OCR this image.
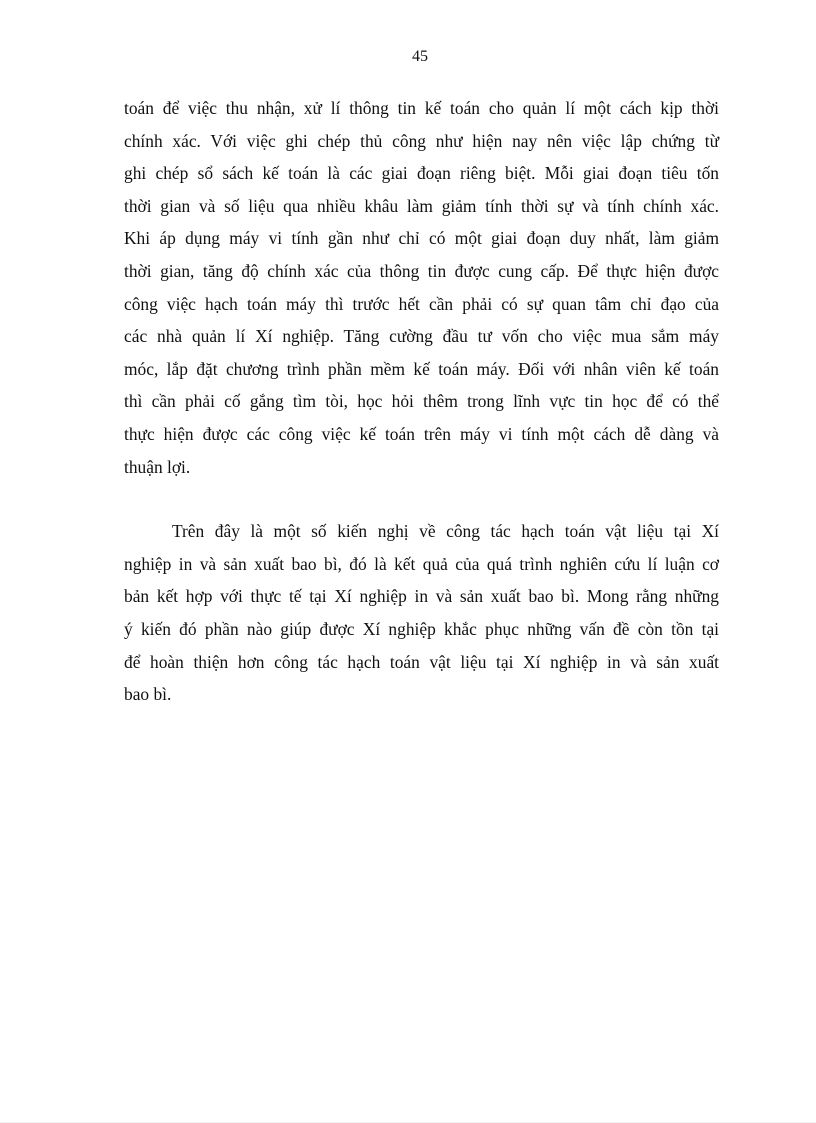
45

toán để việc thu nhận, xử lí thông tin kế toán cho quản lí một cách kịp thời
chính xác. Với việc ghi chép thủ công như hiện nay nên việc lập chứng từ
ghi chép sổ sách kế toán là các giai đoạn riêng biệt. Mỗi giai đoạn tiêu tốn
thời gian và số liệu qua nhiều khâu làm giảm tính thời sự và tính chính xác.
Khi áp dụng máy vi tính gần như chỉ có một giai đoạn duy nhất, làm giảm
thời gian, tăng độ chính xác của thông tin được cung cấp. Để thực hiện được
công việc hạch toán máy thì trước hết cần phải có sự quan tâm chỉ đạo của
các nhà quản lí Xí nghiệp. Tăng cường đầu tư vốn cho việc mua sắm máy
móc, lắp đặt chương trình phần mềm kế toán máy. Đối với nhân viên kế toán
thì cần phải cố gắng tìm tòi, học hỏi thêm trong lĩnh vực tin học để có thể
thực hiện được các công việc kế toán trên máy vi tính một cách dễ dàng và
thuận lợi.

Trên đây là một số kiến nghị về công tác hạch toán vật liệu tại Xí
nghiệp in và sản xuất bao bì, đó là kết quả của quá trình nghiên cứu lí luận cơ
bản kết hợp với thực tế tại Xí nghiệp in và sản xuất bao bì. Mong rằng những
ý kiến đó phần nào giúp được Xí nghiệp khắc phục những vấn đề còn tồn tại
để hoàn thiện hơn công tác hạch toán vật liệu tại Xí nghiệp in và sản xuất
bao bì.
